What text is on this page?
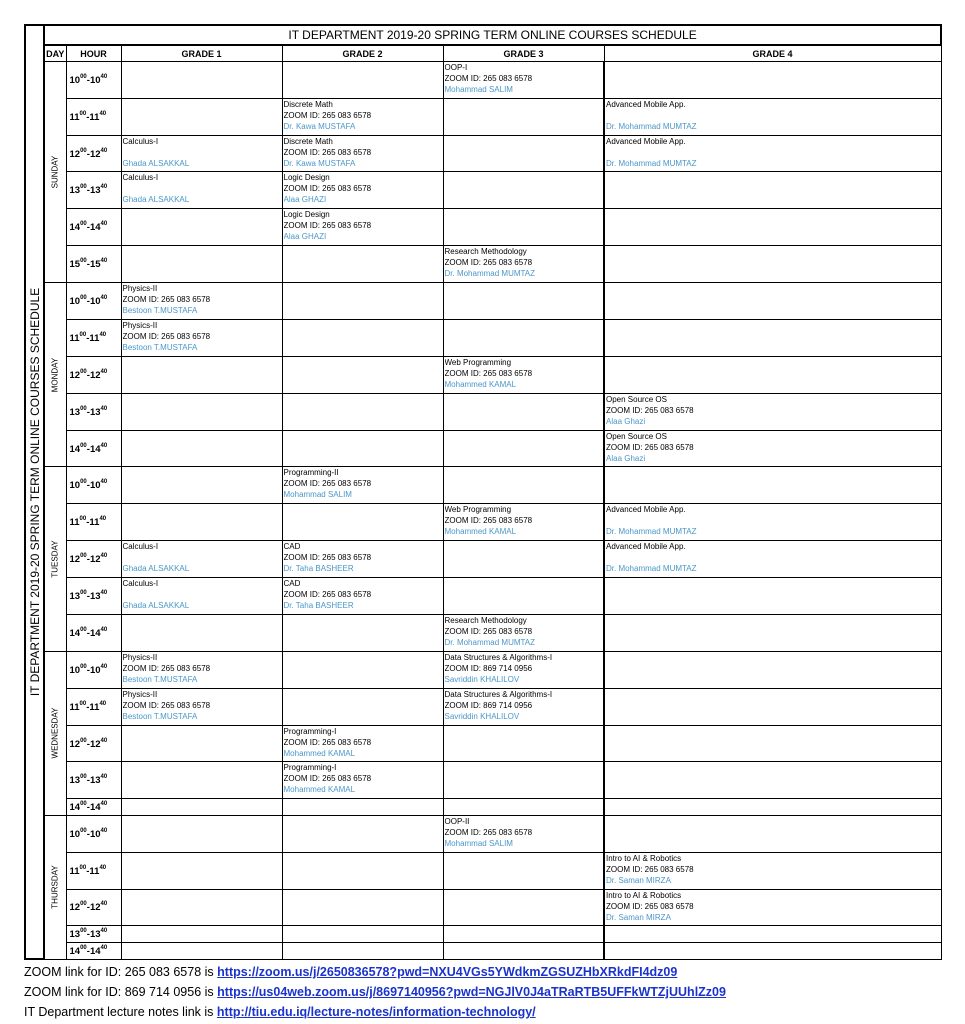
IT DEPARTMENT 2019-20 SPRING TERM ONLINE COURSES SCHEDULE	IT DEPARTMENT 2019-20 SPRING TERM ONLINE COURSES SCHEDULE					
	DAY	HOUR	GRADE 1	GRADE 2	GRADE 3	GRADE 4

	SUNDAY	$10^{00}-10^{40}$			OOP-I
ZOOM ID: 265 083 6578
Mohammad SALIM	

		$11^{00}-11^{40}$		Discrete Math
ZOOM ID: 265 083 6578
Dr. Kawa MUSTAFA		Advanced Mobile App.
Dr. Mohammad MUMTAZ

		$12^{00}-12^{40}$	Calculus-I
Ghada ALSAKKAL	Discrete Math
ZOOM ID: 265 083 6578
Dr. Kawa MUSTAFA		Advanced Mobile App.
Dr. Mohammad MUMTAZ

		$13^{00}-13^{40}$	Calculus-I
Ghada ALSAKKAL	Logic Design
ZOOM ID: 265 083 6578
Alaa GHAZI		

		$14^{00}-14^{40}$		Logic Design
ZOOM ID: 265 083 6578
Alaa GHAZI		

		$15^{00}-15^{40}$			Research Methodology
ZOOM ID: 265 083 6578
Dr. Mohammad MUMTAZ	

	MONDAY	$10^{00}-10^{40}$	Physics-II
ZOOM ID: 265 083 6578
Bestoon T.MUSTAFA			

		$11^{00}-11^{40}$	Physics-II
ZOOM ID: 265 083 6578
Bestoon T.MUSTAFA			

		$12^{00}-12^{40}$			Web Programming
ZOOM ID: 265 083 6578
Mohammed KAMAL	

		$13^{00}-13^{40}$				Open Source OS
ZOOM ID: 265 083 6578
Alaa Ghazi

		$14^{00}-14^{40}$				Open Source OS
ZOOM ID: 265 083 6578
Alaa Ghazi

	TUESDAY	$10^{00}-10^{40}$		Programming-II
ZOOM ID: 265 083 6578
Mohammad SALIM		

		$11^{00}-11^{40}$			Web Programming
ZOOM ID: 265 083 6578
Mohammed KAMAL	Advanced Mobile App.
Dr. Mohammad MUMTAZ

		$12^{00}-12^{40}$	Calculus-I
Ghada ALSAKKAL	CAD
ZOOM ID: 265 083 6578
Dr. Taha BASHEER		Advanced Mobile App.
Dr. Mohammad MUMTAZ

		$13^{00}-13^{40}$	Calculus-I
Ghada ALSAKKAL	CAD
ZOOM ID: 265 083 6578
Dr. Taha BASHEER		

		$14^{00}-14^{40}$			Research Methodology
ZOOM ID: 265 083 6578
Dr. Mohammad MUMTAZ	

	WEDNESDAY	$10^{00}-10^{40}$	Physics-II
ZOOM ID: 265 083 6578
Bestoon T.MUSTAFA		Data Structures & Algorithms-I
ZOOM ID: 869 714 0956
Savriddin KHALILOV	

		$11^{00}-11^{40}$	Physics-II
ZOOM ID: 265 083 6578
Bestoon T.MUSTAFA		Data Structures & Algorithms-I
ZOOM ID: 869 714 0956
Savriddin KHALILOV	

		$12^{00}-12^{40}$		Programming-I
ZOOM ID: 265 083 6578
Mohammed KAMAL		

		$13^{00}-13^{40}$		Programming-I
ZOOM ID: 265 083 6578
Mohammed KAMAL		

		$14^{00}-14^{40}$				

	THURSDAY	$10^{00}-10^{40}$			OOP-II
ZOOM ID: 265 083 6578
Mohammad SALIM	

		$11^{00}-11^{40}$				Intro to AI & Robotics
ZOOM ID: 265 083 6578
Dr. Saman MIRZA

		$12^{00}-12^{40}$				Intro to AI & Robotics
ZOOM ID: 265 083 6578
Dr. Saman MIRZA

		$13^{00}-13^{40}$				
		$14^{00}-14^{40}$				
ZOOM link for ID: 265 083 6578 is https://zoom.us/j/2650836578?pwd=NXU4VGs5YWdkmZGSUZHbXRkdFI4dz09
ZOOM link for ID: 869 714 0956 is https://us04web.zoom.us/j/8697140956?pwd=NGJlV0J4aTRaRTB5UFFkWTZjUUhlZz09
IT Department lecture notes link is http://tiu.edu.iq/lecture-notes/information-technology/
